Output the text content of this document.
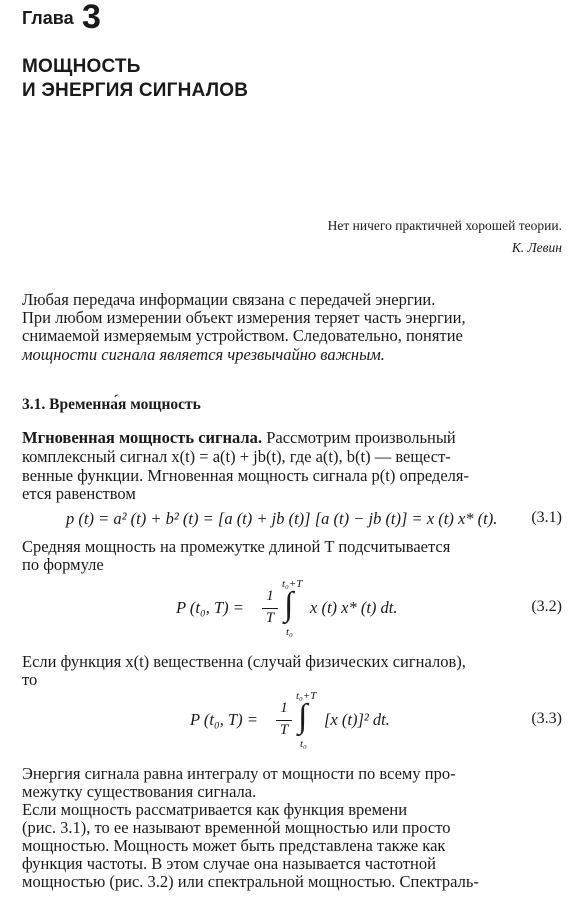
Глава 3
МОЩНОСТЬ
И ЭНЕРГИЯ СИГНАЛОВ
Нет ничего практичней хорошей теории.
К. Левин
Любая передача информации связана с передачей энергии.
При любом измерении объект измерения теряет часть энергии,
снимаемой измеряемым устройством. Следовательно, понятие
мощности сигнала является чрезвычайно важным.
3.1. Временна́я мощность
Мгновенная мощность сигнала. Рассмотрим произвольный
комплексный сигнал x(t) = a(t) + jb(t), где a(t), b(t) — вещест-
венные функции. Мгновенная мощность сигнала p(t) определя-
ется равенством
p (t) = a² (t) + b² (t) = [a (t) + jb (t)] [a (t) − jb (t)] = x (t) x* (t). (3.1)
Средняя мощность на промежутке длиной T подсчитывается
по формуле
P (t₀, T) =
1
T ∫
t₀+T
t₀
x (t) x* (t) dt.	(3.2)
Если функция x(t) вещественна (случай физических сигналов),
то
P (t₀, T) =
1
T ∫
t₀+T
t₀
[x (t)]² dt.	(3.3)
Энергия сигнала равна интегралу от мощности по всему про-
межутку существования сигнала.
Если мощность рассматривается как функция времени
(рис. 3.1), то ее называют временно́й мощностью или просто
мощностью. Мощность может быть представлена также как
функция частоты. В этом случае она называется частотной
мощностью (рис. 3.2) или спектральной мощностью. Спектраль-
